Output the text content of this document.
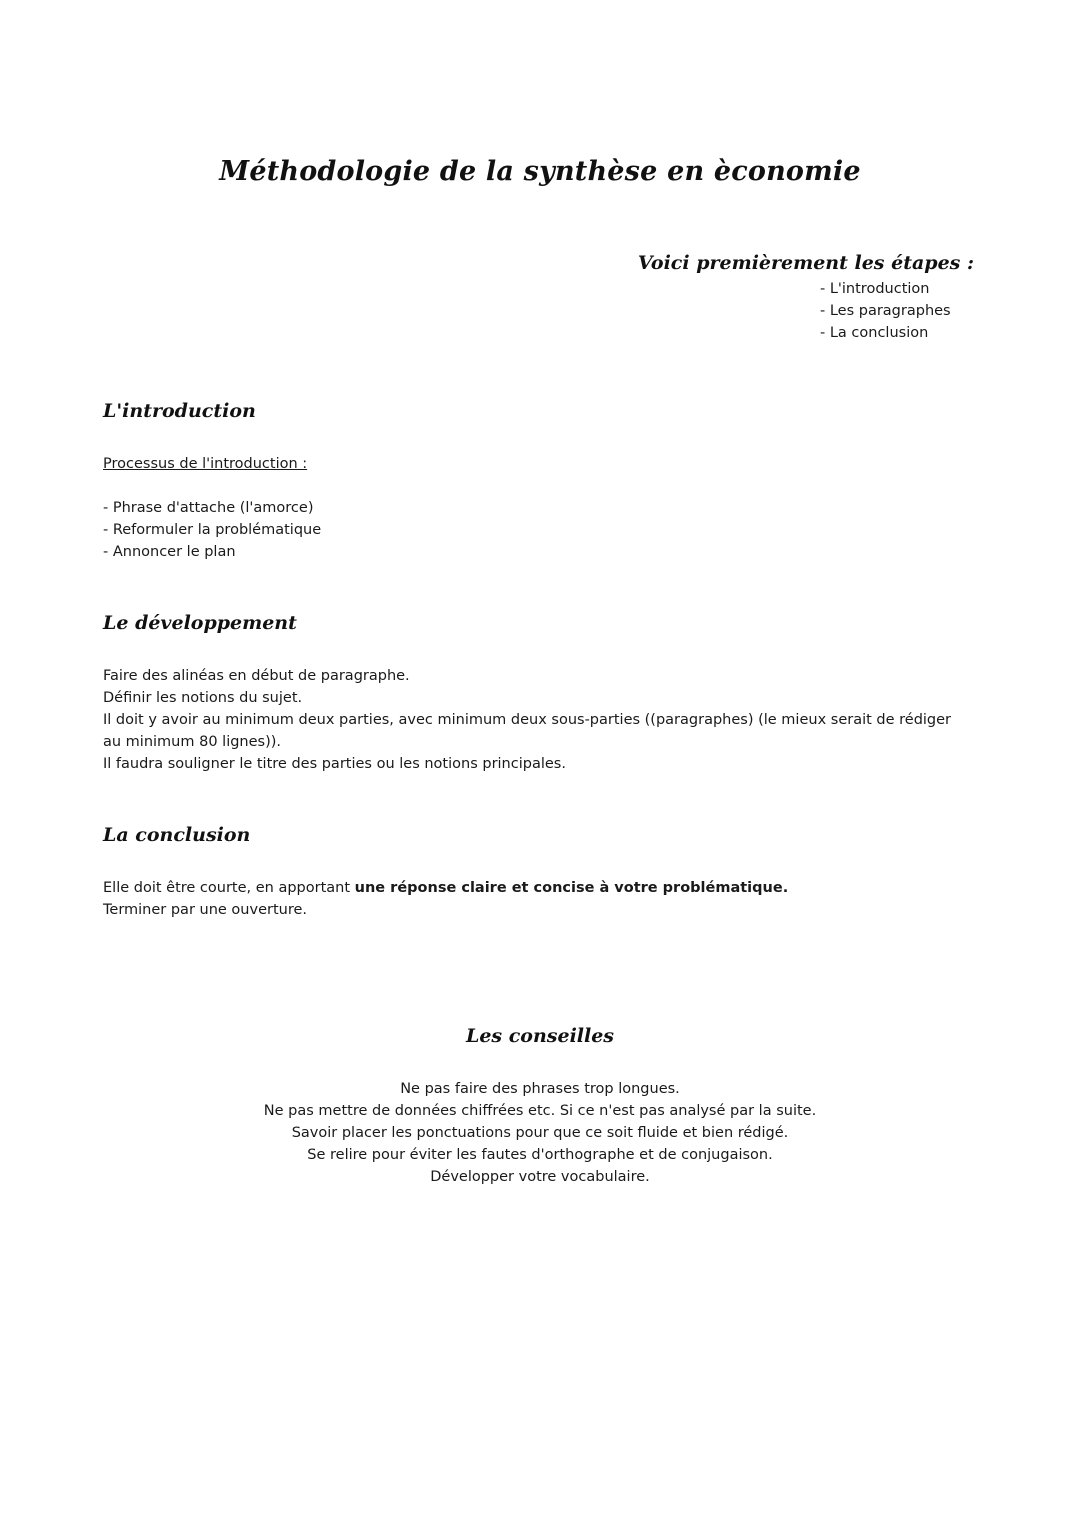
Méthodologie de la synthèse en èconomie
Voici premièrement les étapes :
- L'introduction
- Les paragraphes
- La conclusion
L'introduction

Processus de l'introduction :

- Phrase d'attache (l'amorce)
- Reformuler la problématique
- Annoncer le plan
Le développement

Faire des alinéas en début de paragraphe.

Définir les notions du sujet.

Il doit y avoir au minimum deux parties, avec minimum deux sous-parties ((paragraphes) (le mieux serait de rédiger au minimum 80 lignes)).

Il faudra souligner le titre des parties ou les notions principales.

La conclusion

Elle doit être courte, en apportant une réponse claire et concise à votre problématique.

Terminer par une ouverture.

Les conseilles

Ne pas faire des phrases trop longues.

Ne pas mettre de données chiffrées etc. Si ce n'est pas analysé par la suite.

Savoir placer les ponctuations pour que ce soit fluide et bien rédigé.

Se relire pour éviter les fautes d'orthographe et de conjugaison.

Développer votre vocabulaire.
